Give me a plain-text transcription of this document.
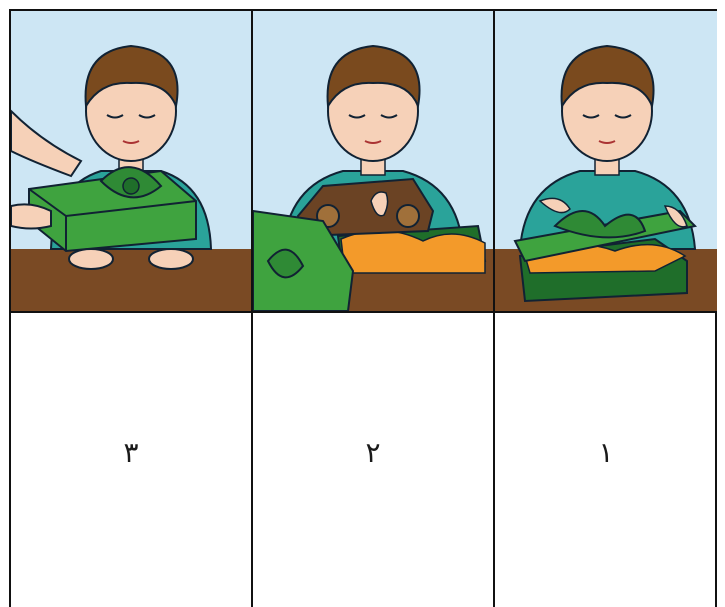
٣	٢	١
